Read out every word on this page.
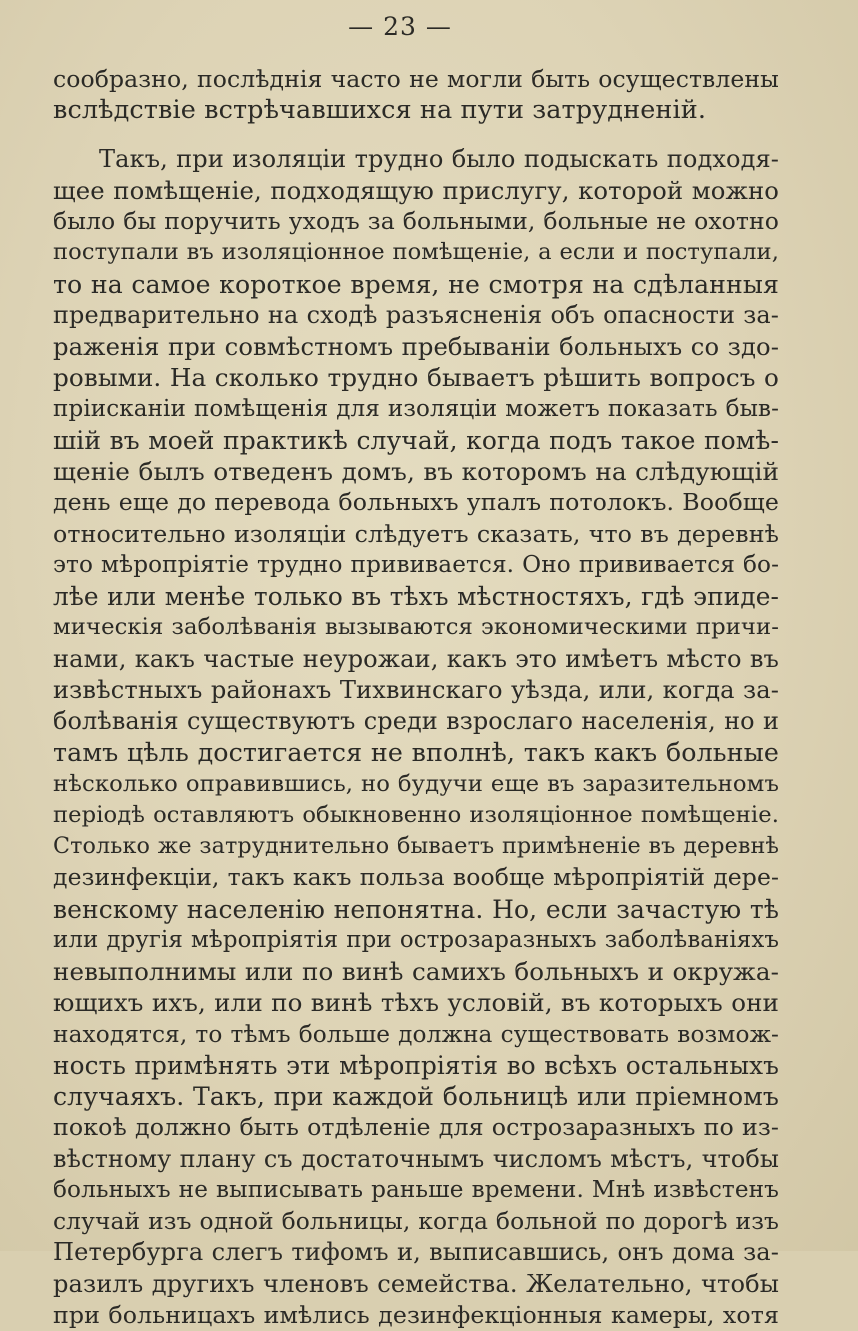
— 23 —
сообразно, послѣднія часто не могли быть осуществлены
вслѣдствіе встрѣчавшихся на пути затрудненій.
Такъ, при изоляціи трудно было подыскать подходя-
щее помѣщеніе, подходящую прислугу, которой можно
было бы поручить уходъ за больными, больные не охотно
поступали въ изоляціонное помѣщеніе, а если и поступали,
то на самое короткое время, не смотря на сдѣланныя
предварительно на сходѣ разъясненія объ опасности за-
раженія при совмѣстномъ пребываніи больныхъ со здо-
ровыми. На сколько трудно бываетъ рѣшить вопросъ о
пріисканіи помѣщенія для изоляціи можетъ показать быв-
шій въ моей практикѣ случай, когда подъ такое помѣ-
щеніе былъ отведенъ домъ, въ которомъ на слѣдующій
день еще до перевода больныхъ упалъ потолокъ. Вообще
относительно изоляціи слѣдуетъ сказать, что въ деревнѣ
это мѣропріятіе трудно прививается. Оно прививается бо-
лѣе или менѣе только въ тѣхъ мѣстностяхъ, гдѣ эпиде-
мическія заболѣванія вызываются экономическими причи-
нами, какъ частые неурожаи, какъ это имѣетъ мѣсто въ
извѣстныхъ районахъ Тихвинскаго уѣзда, или, когда за-
болѣванія существуютъ среди взрослаго населенія, но и
тамъ цѣль достигается не вполнѣ, такъ какъ больные
нѣсколько оправившись, но будучи еще въ заразительномъ
періодѣ оставляютъ обыкновенно изоляціонное помѣщеніе.
Столько же затруднительно бываетъ примѣненіе въ деревнѣ
дезинфекціи, такъ какъ польза вообще мѣропріятій дере-
венскому населенію непонятна. Но, если зачастую тѣ
или другія мѣропріятія при острозаразныхъ заболѣваніяхъ
невыполнимы или по винѣ самихъ больныхъ и окружа-
ющихъ ихъ, или по винѣ тѣхъ условій, въ которыхъ они
находятся, то тѣмъ больше должна существовать возмож-
ность примѣнять эти мѣропріятія во всѣхъ остальныхъ
случаяхъ. Такъ, при каждой больницѣ или пріемномъ
покоѣ должно быть отдѣленіе для острозаразныхъ по из-
вѣстному плану съ достаточнымъ числомъ мѣстъ, чтобы
больныхъ не выписывать раньше времени. Мнѣ извѣстенъ
случай изъ одной больницы, когда больной по дорогѣ изъ
Петербурга слегъ тифомъ и, выписавшись, онъ дома за-
разилъ другихъ членовъ семейства. Желательно, чтобы
при больницахъ имѣлись дезинфекціонныя камеры, хотя
